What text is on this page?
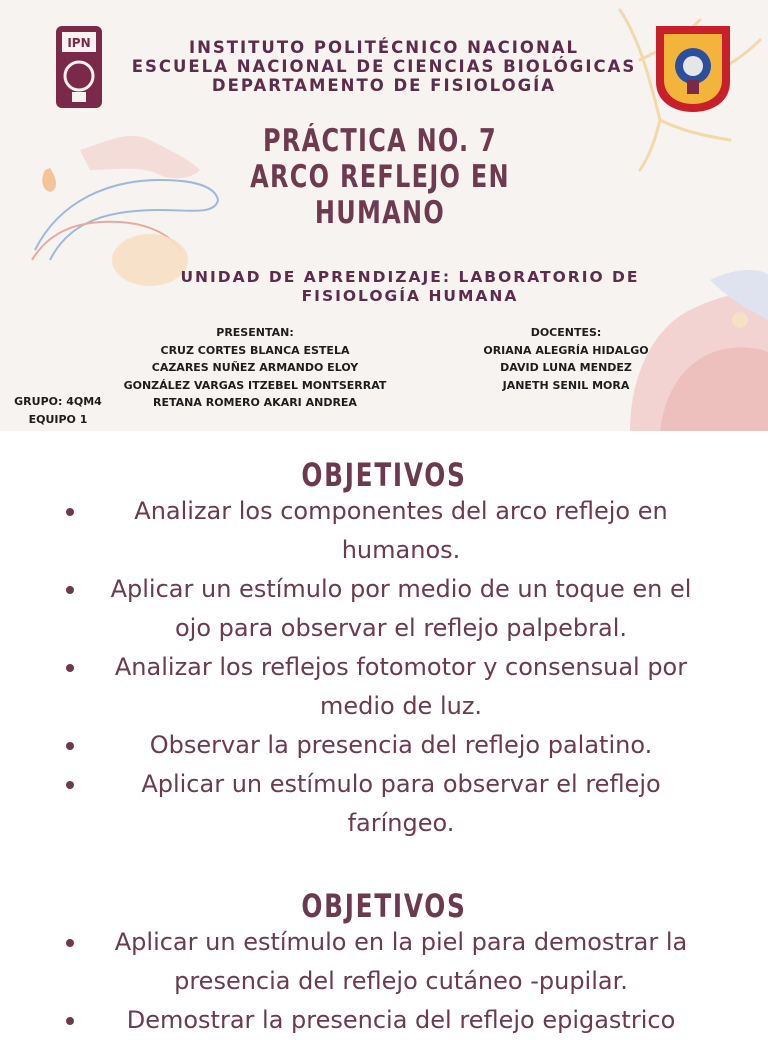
IPN	INSTITUTO POLITÉCNICO NACIONAL
ESCUELA NACIONAL DE CIENCIAS BIOLÓGICAS
DEPARTAMENTO DE FISIOLOGÍA
PRÁCTICA NO. 7
ARCO REFLEJO EN
HUMANO
UNIDAD DE APRENDIZAJE: LABORATORIO DE
FISIOLOGÍA HUMANA
PRESENTAN:
CRUZ CORTES BLANCA ESTELA
CAZARES NUÑEZ ARMANDO ELOY
GONZÁLEZ VARGAS ITZEBEL MONTSERRAT
RETANA ROMERO AKARI ANDREA
DOCENTES:
ORIANA ALEGRÍA HIDALGO
DAVID LUNA MENDEZ
JANETH SENIL MORA
GRUPO: 4QM4
EQUIPO 1
OBJETIVOS
Analizar los componentes del arco reflejo en humanos.
Aplicar un estímulo por medio de un toque en el ojo para observar el reflejo palpebral.
Analizar los reflejos fotomotor y consensual por medio de luz.
Observar la presencia del reflejo palatino.
Aplicar un estímulo para observar el reflejo faríngeo.
OBJETIVOS
Aplicar un estímulo en la piel para demostrar la presencia del reflejo cutáneo -pupilar.
Demostrar la presencia del reflejo epigastrico
